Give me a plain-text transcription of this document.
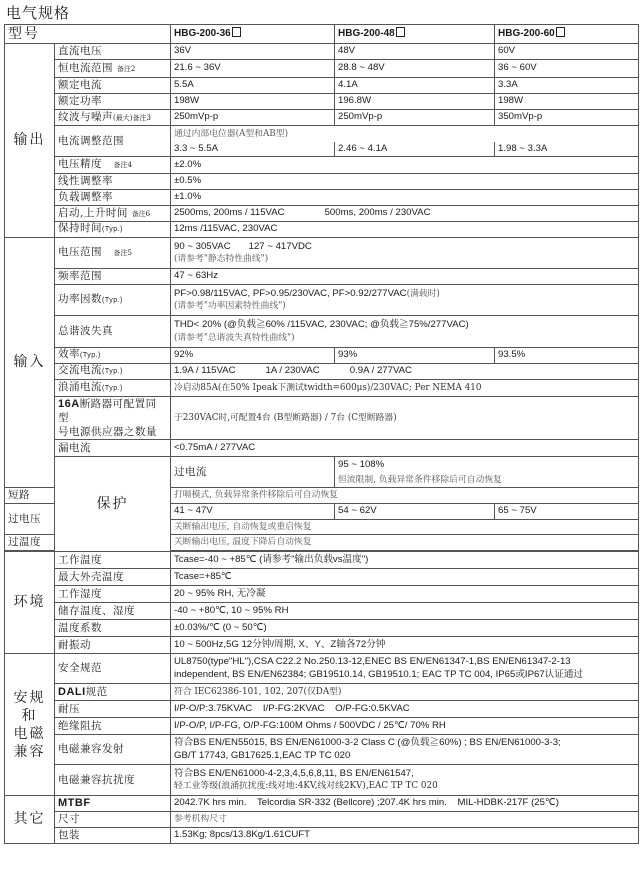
电气规格
型号		HBG-200-36	HBG-200-48	HBG-200-60
输出	直流电压	36V	48V	60V
	恒电流范围 备注2	21.6 ~ 36V	28.8 ~ 48V	36 ~ 60V
	额定电流	5.5A	4.1A	3.3A
	额定功率	198W	196.8W	198W
	纹波与噪声(最大)备注3	250mVp-p	250mVp-p	350mVp-p
	电流调整范围	通过内部电位器(A型和AB型)		
		3.3 ~ 5.5A	2.46 ~ 4.1A	1.98 ~ 3.3A
	电压精度 备注4	±2.0%		
	线性调整率	±0.5%		
	负载调整率	±1.0%		
	启动,上升时间 备注6	2500ms, 200ms / 115VAC 500ms, 200ms / 230VAC		
	保持时间(Typ.)	12ms /115VAC, 230VAC		
输入	电压范围 备注5	90 ~ 305VAC 127 ~ 417VDC
(请参考"静态特性曲线")		

	频率范围	47 ~ 63Hz		
	功率因数(Typ.)	PF>0.98/115VAC, PF>0.95/230VAC, PF>0.92/277VAC(满载时)
(请参考"功率因素特性曲线")		

	总谐波失真	THD< 20% (@负载≧60% /115VAC, 230VAC; @负载≧75%/277VAC)
(请参考"总谐波失真特性曲线")		

	效率(Typ.)	92%	93%	93.5%
	交流电流(Typ.)	1.9A / 115VAC 1A / 230VAC 0.9A / 277VAC		
	浪涌电流(Typ.)	冷启动85A(在50% Ipeak下测试twidth=600μs)/230VAC; Per NEMA 410		
	16A断路器可配置同型
号电源供应器之数量	于230VAC时,可配置4台 (B型断路器) / 7台 (C型断路器)		
	漏电流	<0.75mA / 277VAC		
	保护	过电流	95 ~ 108%	
			恒流限制, 负载异常条件移除后可自动恢复	
短路		打嗝模式, 负载异常条件移除后可自动恢复		
过电压		41 ~ 47V	54 ~ 62V	65 ~ 75V
		关断输出电压, 自动恢复或重启恢复		
过温度		关断输出电压, 温度下降后自动恢复		

环境	工作温度	Tcase=-40 ~ +85℃ (请参考"输出负载vs温度")		
	最大外壳温度	Tcase=+85℃		
	工作湿度	20 ~ 95% RH, 无冷凝		
	储存温度、湿度	-40 ~ +80℃, 10 ~ 95% RH		
	温度系数	±0.03%/℃ (0 ~ 50℃)		
	耐振动	10 ~ 500Hz,5G 12分钟/周期, X、Y、Z轴各72分钟		
安规
和
电磁
兼容	安全规范	UL8750(type"HL"),CSA C22.2 No.250.13-12,ENEC BS EN/EN61347-1,BS EN/EN61347-2-13
independent, BS EN/EN62384; GB19510.14, GB19510.1; EAC TP TC 004, IP65或IP67认证通过		

	DALI规范	符合 IEC62386-101, 102, 207(仅DA型)		
	耐压	I/P-O/P:3.75KVAC    I/P-FG:2KVAC    O/P-FG:0.5KVAC		
	绝缘阻抗	I/P-O/P, I/P-FG, O/P-FG:100M Ohms / 500VDC / 25℃/ 70% RH		
	电磁兼容发射	符合BS EN/EN55015, BS EN/EN61000-3-2 Class C (@负载≧60%) ; BS EN/EN61000-3-3;
GB/T 17743, GB17625.1,EAC TP TC 020		

	电磁兼容抗扰度	符合BS EN/EN61000-4-2,3,4,5,6,8,11, BS EN/EN61547,
轻工业等级(浪涌抗扰度:线对地:4KV,线对线2KV),EAC TP TC 020		

其它	MTBF	2042.7K hrs min.    Telcordia SR-332 (Bellcore) ;207.4K hrs min.    MIL-HDBK-217F (25℃)		
	尺寸	参考机构尺寸		
	包装	1.53Kg; 8pcs/13.8Kg/1.61CUFT		
